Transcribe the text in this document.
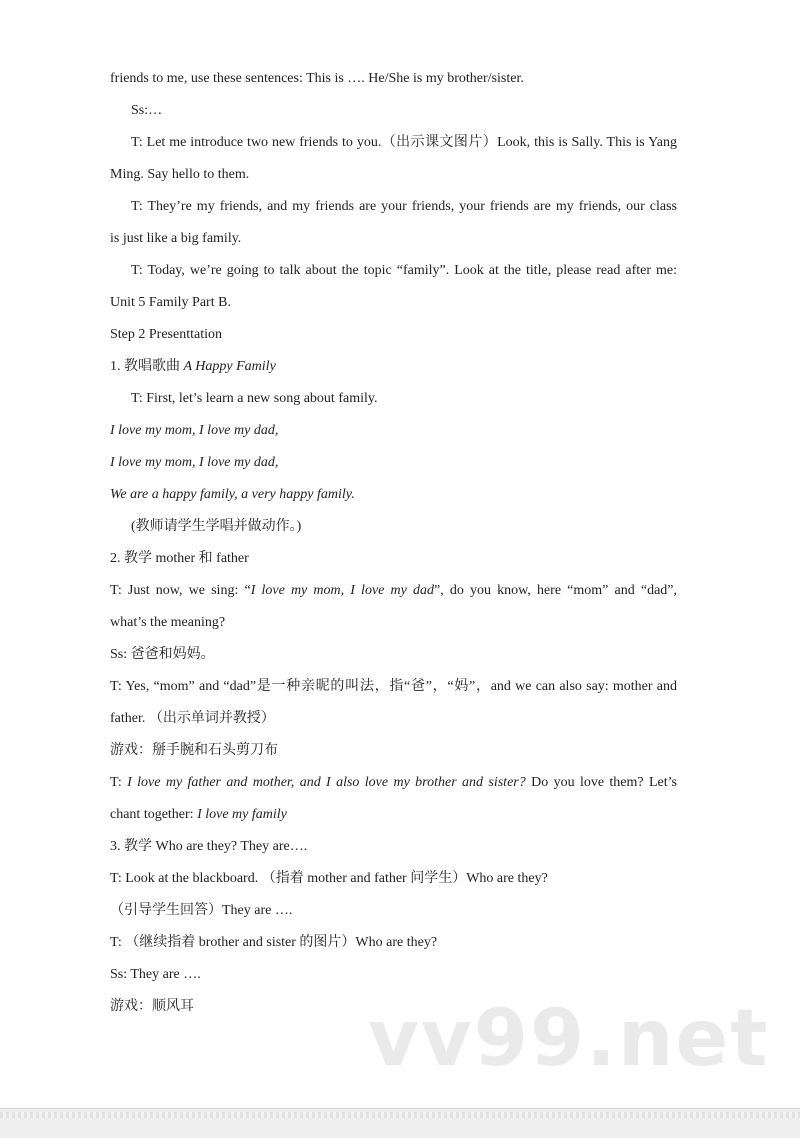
friends to me, use these sentences: This is …. He/She is my brother/sister.
Ss:…
T: Let me introduce two new friends to you.（出示课文图片）Look, this is Sally. This is Yang
Ming. Say hello to them.
T: They’re my friends, and my friends are your friends, your friends are my friends, our class
is just like a big family.
T: Today, we’re going to talk about the topic “family”. Look at the title, please read after me:
Unit 5 Family Part B.
Step 2 Presenttation
1. 教唱歌曲 A Happy Family
T: First, let’s learn a new song about family.
I love my mom, I love my dad,
I love my mom, I love my dad,
We are a happy family, a very happy family.
(教师请学生学唱并做动作。)
2. 教学 mother 和 father
T: Just now, we sing: “I love my mom, I love my dad”, do you know, here “mom” and “dad”,
what’s the meaning?
Ss: 爸爸和妈妈。
T: Yes, “mom” and “dad”是一种亲昵的叫法，指“爸”，“妈”，and we can also say: mother and
father. （出示单词并教授）
游戏：掰手腕和石头剪刀布
T: I love my father and mother, and I also love my brother and sister? Do you love them? Let’s
chant together: I love my family
3. 教学 Who are they? They are….
T: Look at the blackboard. （指着 mother and father 问学生）Who are they?
（引导学生回答）They are ….
T: （继续指着 brother and sister 的图片）Who are they?
Ss: They are ….
游戏：顺风耳 vv99.net
